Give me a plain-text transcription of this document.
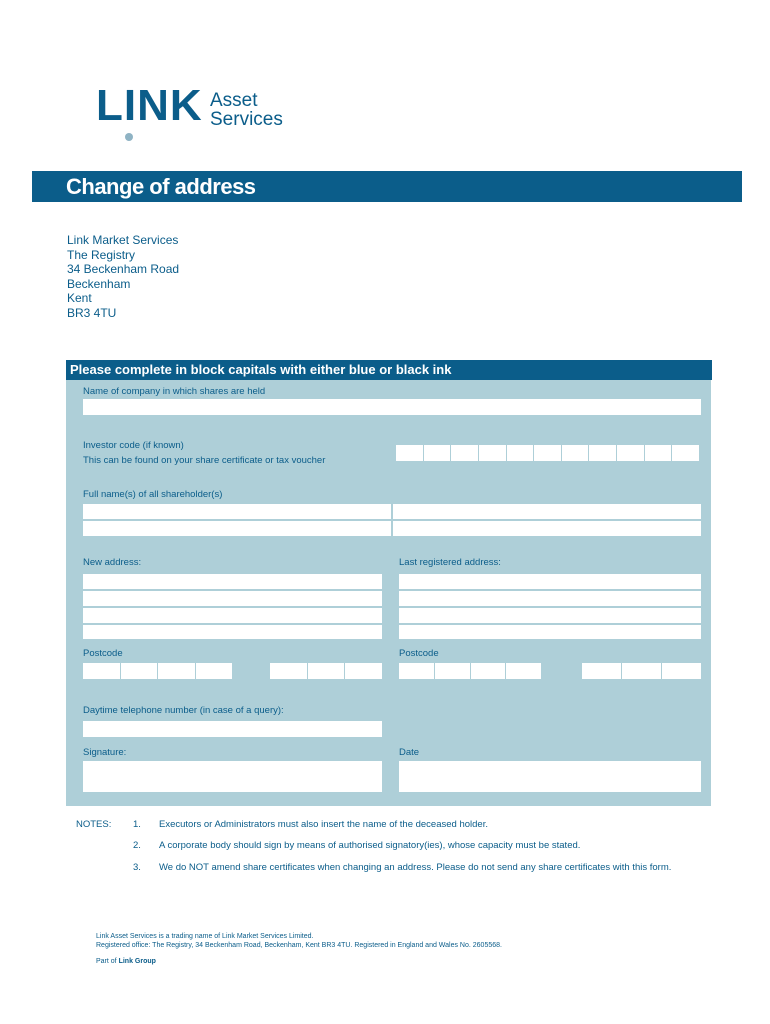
LINK Asset
Services
Change of address
Link Market Services
The Registry
34 Beckenham Road
Beckenham
Kent
BR3 4TU
Please complete in block capitals with either blue or black ink
Name of company in which shares are held
Investor code (if known)
This can be found on your share certificate or tax voucher
Full name(s) of all shareholder(s)
New address:	Last registered address:
Postcode	Postcode
Daytime telephone number (in case of a query):
Signature:	Date
NOTES: 1. Executors or Administrators must also insert the name of the deceased holder.
2. A corporate body should sign by means of authorised signatory(ies), whose capacity must be stated.
3. We do NOT amend share certificates when changing an address. Please do not send any share certificates with this form.
Link Asset Services is a trading name of Link Market Services Limited.
Registered office: The Registry, 34 Beckenham Road, Beckenham, Kent BR3 4TU. Registered in England and Wales No. 2605568.
Part of Link Group
